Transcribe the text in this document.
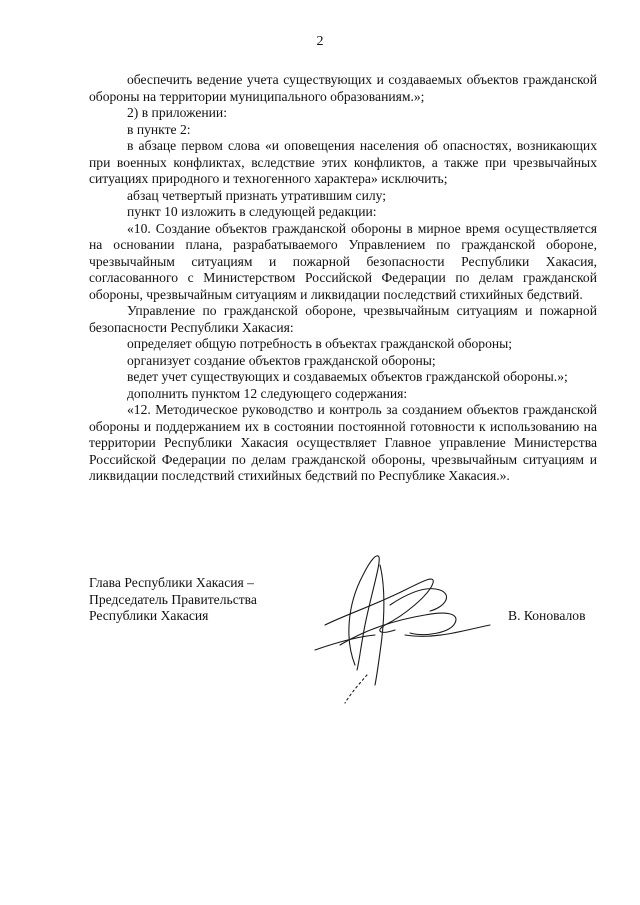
2

обеспечить ведение учета существующих и создаваемых объектов гражданской обороны на территории муниципального образованиям.»;

2) в приложении:

в пункте 2:

в абзаце первом слова «и оповещения населения об опасностях, возникающих при военных конфликтах, вследствие этих конфликтов, а также при чрезвычайных ситуациях природного и техногенного характера» исключить;

абзац четвертый признать утратившим силу;

пункт 10 изложить в следующей редакции:

«10. Создание объектов гражданской обороны в мирное время осуществляется на основании плана, разрабатываемого Управлением по гражданской обороне, чрезвычайным ситуациям и пожарной безопасности Республики Хакасия, согласованного с Министерством Российской Федерации по делам гражданской обороны, чрезвычайным ситуациям и ликвидации последствий стихийных бедствий.

Управление по гражданской обороне, чрезвычайным ситуациям и пожарной безопасности Республики Хакасия:

определяет общую потребность в объектах гражданской обороны;

организует создание объектов гражданской обороны;

ведет учет существующих и создаваемых объектов гражданской обороны.»;

дополнить пунктом 12 следующего содержания:

«12. Методическое руководство и контроль за созданием объектов гражданской обороны и поддержанием их в состоянии постоянной готовности к использованию на территории Республики Хакасия осуществляет Главное управление Министерства Российской Федерации по делам гражданской обороны, чрезвычайным ситуациям и ликвидации последствий стихийных бедствий по Республике Хакасия.».

Глава Республики Хакасия –
Председатель Правительства
Республики Хакасия	В. Коновалов
